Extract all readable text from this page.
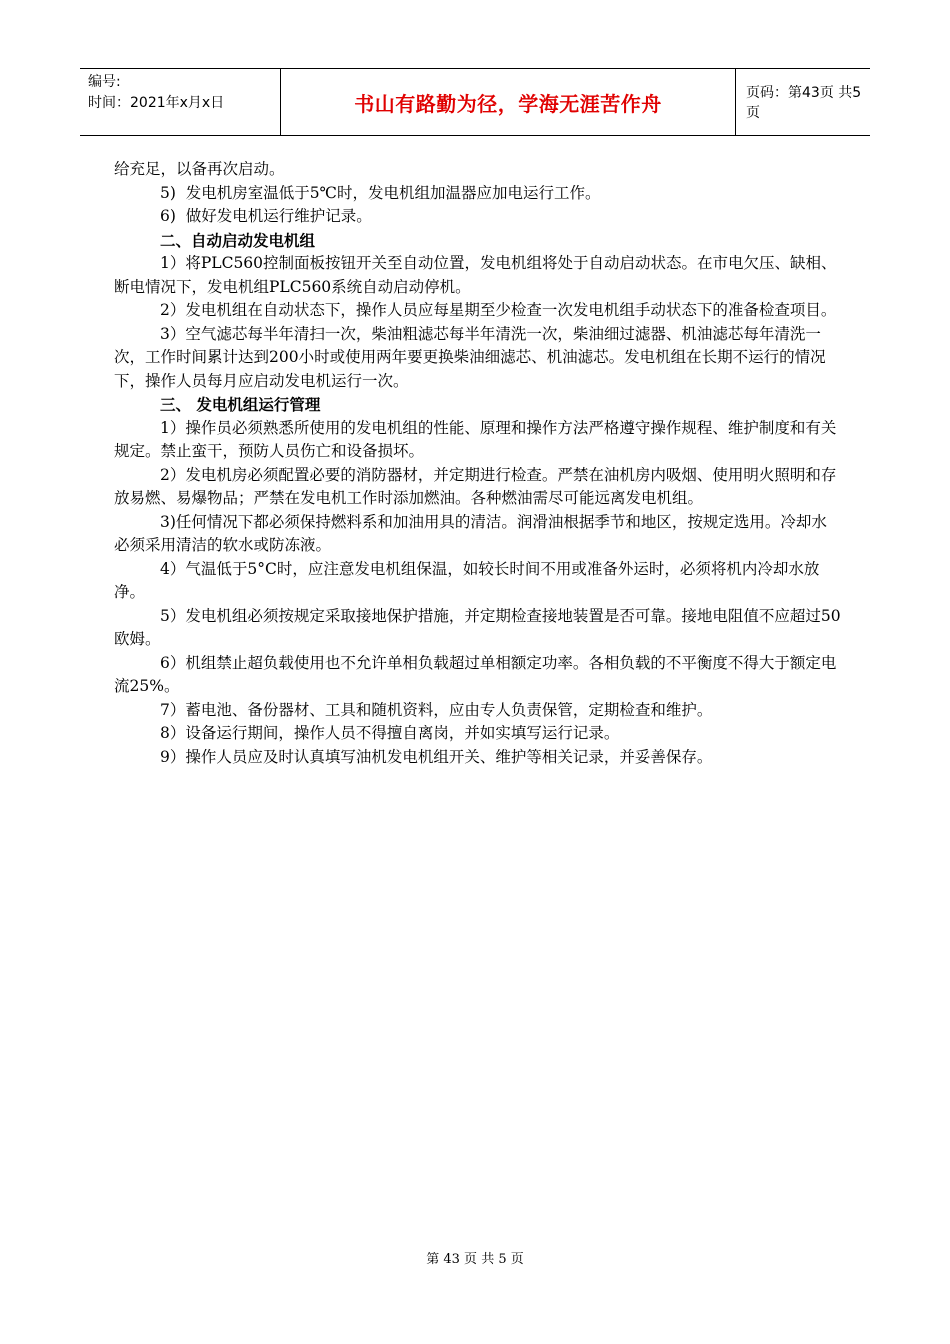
编号:
时间：2021年x月x日	书山有路勤为径，学海无涯苦作舟	页码：第43页 共5页

给充足，以备再次启动。

5)  发电机房室温低于5℃时，发电机组加温器应加电运行工作。

6)  做好发电机运行维护记录。

二、自动启动发电机组

1）将PLC560控制面板按钮开关至自动位置，发电机组将处于自动启动状态。在市电欠压、缺相、断电情况下，发电机组PLC560系统自动启动停机。

2）发电机组在自动状态下，操作人员应每星期至少检查一次发电机组手动状态下的准备检查项目。

3）空气滤芯每半年清扫一次，柴油粗滤芯每半年清洗一次，柴油细过滤器、机油滤芯每年清洗一次，工作时间累计达到200小时或使用两年要更换柴油细滤芯、机油滤芯。发电机组在长期不运行的情况下，操作人员每月应启动发电机运行一次。

三、 发电机组运行管理

1）操作员必须熟悉所使用的发电机组的性能、原理和操作方法严格遵守操作规程、维护制度和有关规定。禁止蛮干，预防人员伤亡和设备损坏。

2）发电机房必须配置必要的消防器材，并定期进行检查。严禁在油机房内吸烟、使用明火照明和存放易燃、易爆物品；严禁在发电机工作时添加燃油。各种燃油需尽可能远离发电机组。

3)任何情况下都必须保持燃料系和加油用具的清洁。润滑油根据季节和地区，按规定选用。冷却水必须采用清洁的软水或防冻液。

4）气温低于5°C时，应注意发电机组保温，如较长时间不用或准备外运时，必须将机内冷却水放净。

5）发电机组必须按规定采取接地保护措施，并定期检查接地装置是否可靠。接地电阻值不应超过50欧姆。

6）机组禁止超负载使用也不允许单相负载超过单相额定功率。各相负载的不平衡度不得大于额定电流25%。

7）蓄电池、备份器材、工具和随机资料，应由专人负责保管，定期检查和维护。

8）设备运行期间，操作人员不得擅自离岗，并如实填写运行记录。

9）操作人员应及时认真填写油机发电机组开关、维护等相关记录，并妥善保存。

第 43 页 共 5 页
